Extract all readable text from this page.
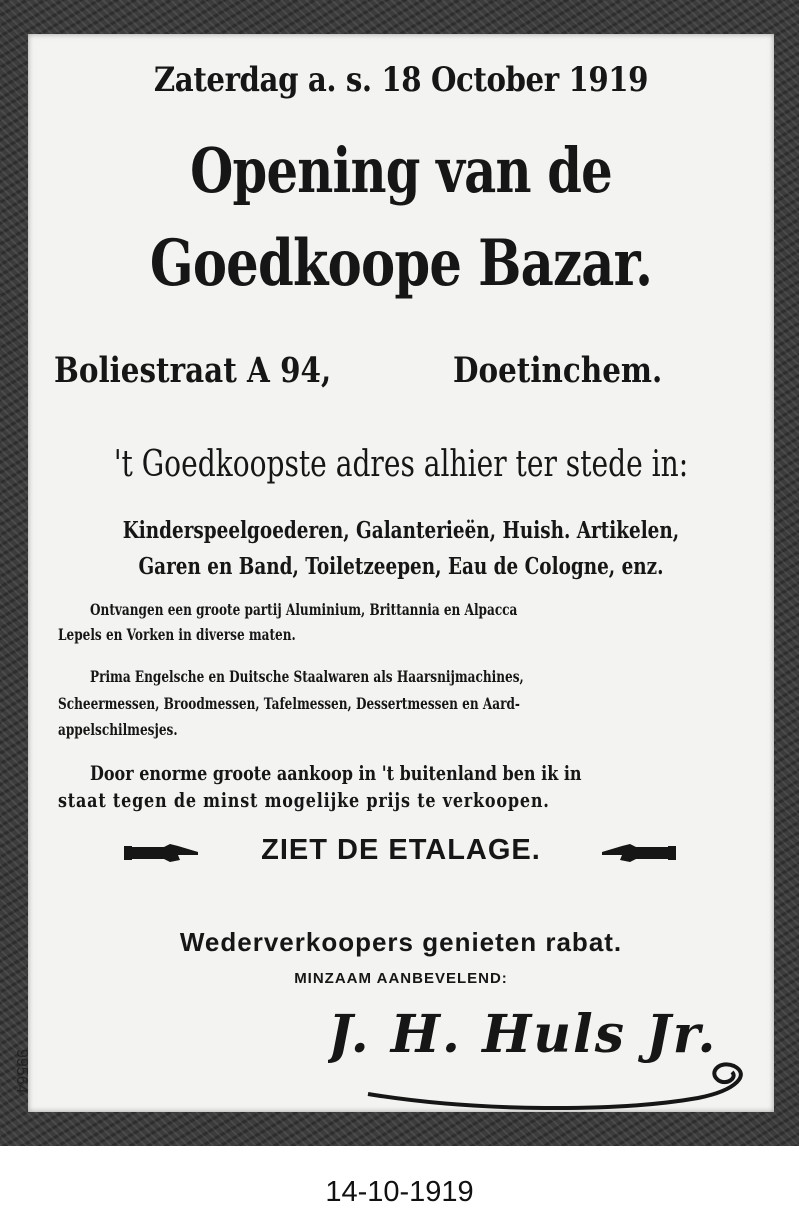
Zaterdag a. s. 18 October 1919
Opening van de
Goedkoope Bazar.
Boliestraat A 94,	Doetinchem.
't Goedkoopste adres alhier ter stede in:
Kinderspeelgoederen, Galanterieën, Huish. Artikelen,
Garen en Band, Toiletzeepen, Eau de Cologne, enz.
Ontvangen een groote partij Aluminium, Brittannia en Alpacca
Lepels en Vorken in diverse maten.
Prima Engelsche en Duitsche Staalwaren als Haarsnijmachines,
Scheermessen, Broodmessen, Tafelmessen, Dessertmessen en Aard-
appelschilmesjes.
Door enorme groote aankoop in 't buitenland ben ik in
staat tegen de minst mogelijke prijs te verkoopen.
ZIET DE ETALAGE.
Wederverkoopers genieten rabat.
MINZAAM AANBEVELEND:
J. H. Huls Jr.
99564
14-10-1919
